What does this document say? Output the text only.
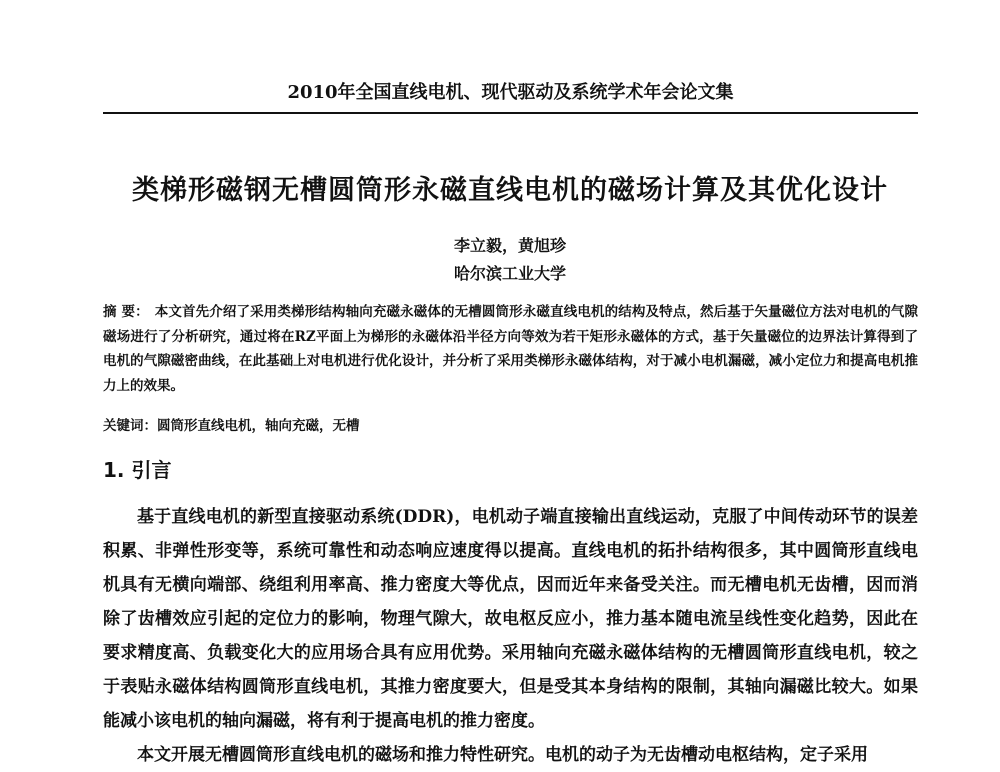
2010年全国直线电机、现代驱动及系统学术年会论文集
类梯形磁钢无槽圆筒形永磁直线电机的磁场计算及其优化设计
李立毅，黄旭珍
哈尔滨工业大学
摘 要： 本文首先介绍了采用类梯形结构轴向充磁永磁体的无槽圆筒形永磁直线电机的结构及特点，然后基于矢量磁位方法对电机的气隙磁场进行了分析研究，通过将在RZ平面上为梯形的永磁体沿半径方向等效为若干矩形永磁体的方式，基于矢量磁位的边界法计算得到了电机的气隙磁密曲线，在此基础上对电机进行优化设计，并分析了采用类梯形永磁体结构，对于减小电机漏磁，减小定位力和提高电机推力上的效果。
关键词：圆筒形直线电机，轴向充磁，无槽
1. 引言

基于直线电机的新型直接驱动系统(DDR)，电机动子端直接输出直线运动，克服了中间传动环节的误差积累、非弹性形变等，系统可靠性和动态响应速度得以提高。直线电机的拓扑结构很多，其中圆筒形直线电机具有无横向端部、绕组利用率高、推力密度大等优点，因而近年来备受关注。而无槽电机无齿槽，因而消除了齿槽效应引起的定位力的影响，物理气隙大，故电枢反应小，推力基本随电流呈线性变化趋势，因此在要求精度高、负载变化大的应用场合具有应用优势。采用轴向充磁永磁体结构的无槽圆筒形直线电机，较之于表贴永磁体结构圆筒形直线电机，其推力密度要大，但是受其本身结构的限制，其轴向漏磁比较大。如果能减小该电机的轴向漏磁，将有利于提高电机的推力密度。

本文开展无槽圆筒形直线电机的磁场和推力特性研究。电机的动子为无齿槽动电枢结构，定子采用
